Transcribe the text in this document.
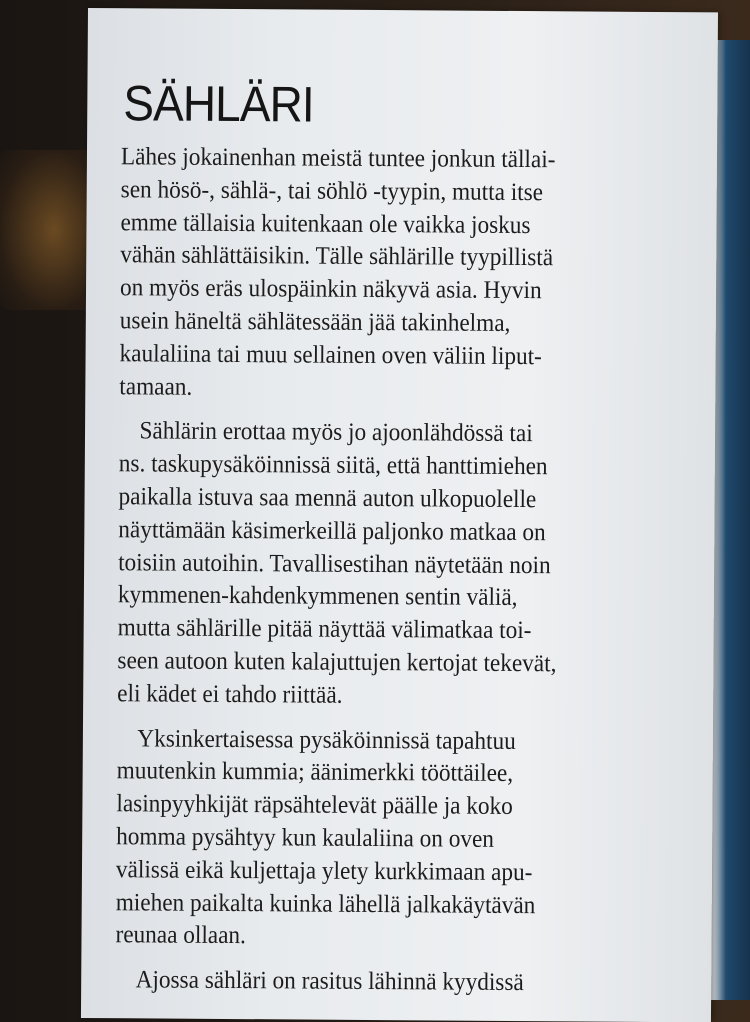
SÄHLÄRI
Lähes jokainenhan meistä tuntee jonkun tällai-
sen hösö-, sählä-, tai söhlö -tyypin, mutta itse
emme tällaisia kuitenkaan ole vaikka joskus
vähän sählättäisikin. Tälle sählärille tyypillistä
on myös eräs ulospäinkin näkyvä asia. Hyvin
usein häneltä sählätessään jää takinhelma,
kaulaliina tai muu sellainen oven väliin liput-
tamaan.
Sählärin erottaa myös jo ajoonlähdössä tai
ns. taskupysäköinnissä siitä, että hanttimiehen
paikalla istuva saa mennä auton ulkopuolelle
näyttämään käsimerkeillä paljonko matkaa on
toisiin autoihin. Tavallisestihan näytetään noin
kymmenen-kahdenkymmenen sentin väliä,
mutta sählärille pitää näyttää välimatkaa toi-
seen autoon kuten kalajuttujen kertojat tekevät,
eli kädet ei tahdo riittää.
Yksinkertaisessa pysäköinnissä tapahtuu
muutenkin kummia; äänimerkki tööttäilee,
lasinpyyhkijät räpsähtelevät päälle ja koko
homma pysähtyy kun kaulaliina on oven
välissä eikä kuljettaja ylety kurkkimaan apu-
miehen paikalta kuinka lähellä jalkakäytävän
reunaa ollaan.
Ajossa sählärі on rasitus lähinnä kyydissä
